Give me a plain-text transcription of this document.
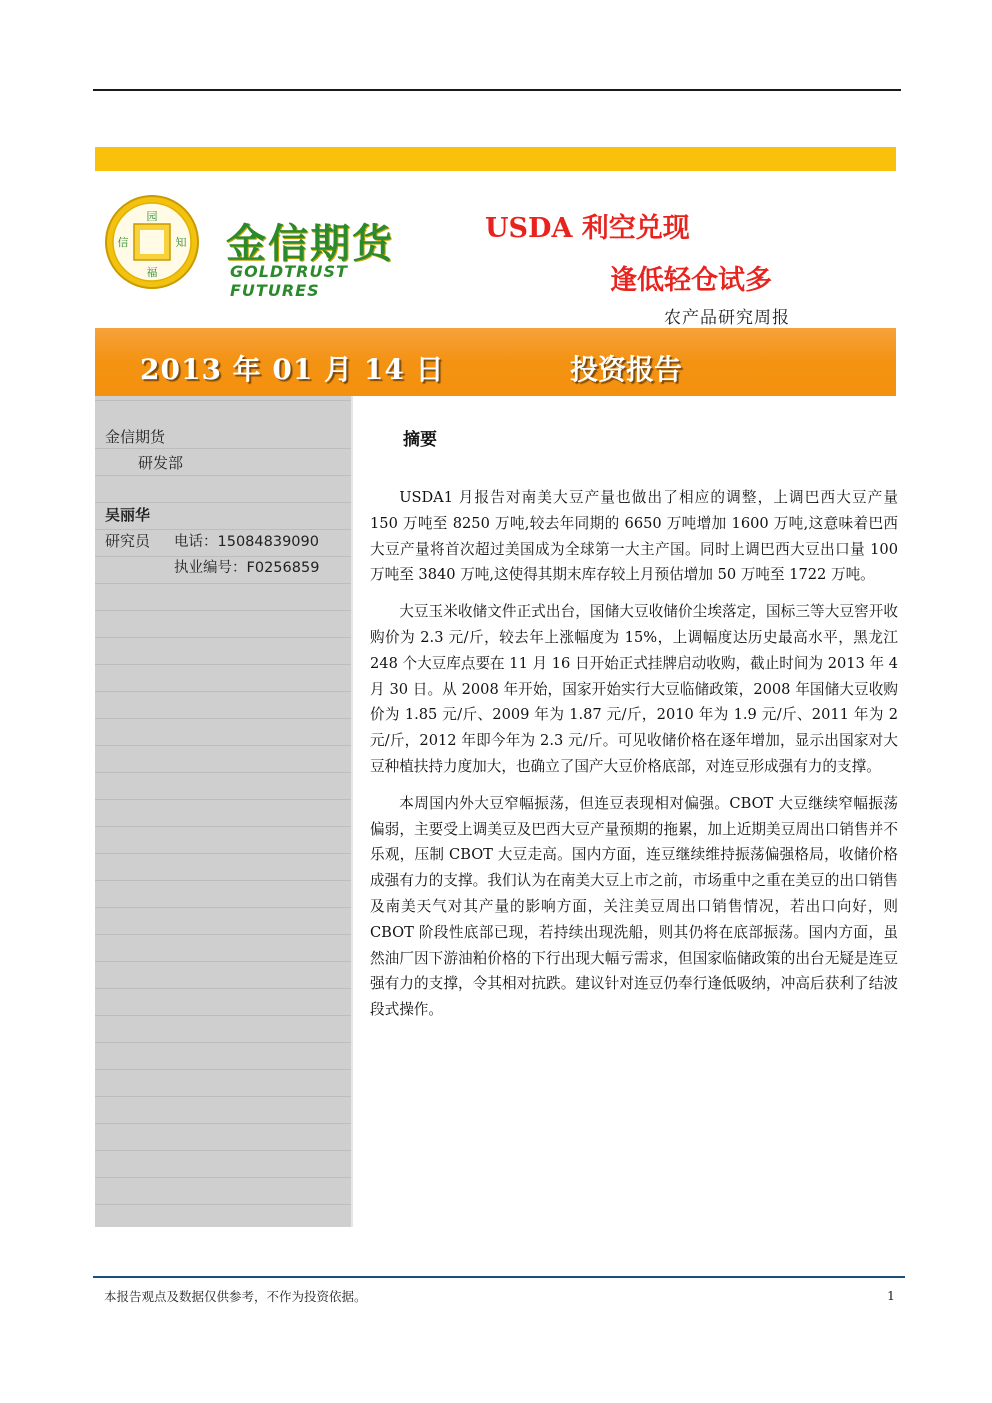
园
知
福
信 金信期货
GOLDTRUST FUTURES
USDA 利空兑现
逢低轻仓试多
农产品研究周报
2013 年 01 月 14 日	投资报告
金信期货
研发部
吴丽华
研究员 电话：15084839090
执业编号：F0256859
摘要

USDA1 月报告对南美大豆产量也做出了相应的调整，上调巴西大豆产量 150 万吨至 8250 万吨,较去年同期的 6650 万吨增加 1600 万吨,这意味着巴西大豆产量将首次超过美国成为全球第一大主产国。同时上调巴西大豆出口量 100 万吨至 3840 万吨,这使得其期末库存较上月预估增加 50 万吨至 1722 万吨。

大豆玉米收储文件正式出台，国储大豆收储价尘埃落定，国标三等大豆窖开收购价为 2.3 元/斤，较去年上涨幅度为 15%，上调幅度达历史最高水平，黑龙江 248 个大豆库点要在 11 月 16 日开始正式挂牌启动收购，截止时间为 2013 年 4 月 30 日。从 2008 年开始，国家开始实行大豆临储政策，2008 年国储大豆收购价为 1.85 元/斤、2009 年为 1.87 元/斤，2010 年为 1.9 元/斤、2011 年为 2 元/斤，2012 年即今年为 2.3 元/斤。可见收储价格在逐年增加，显示出国家对大豆种植扶持力度加大，也确立了国产大豆价格底部，对连豆形成强有力的支撑。

本周国内外大豆窄幅振荡，但连豆表现相对偏强。CBOT 大豆继续窄幅振荡偏弱，主要受上调美豆及巴西大豆产量预期的拖累，加上近期美豆周出口销售并不乐观，压制 CBOT 大豆走高。国内方面，连豆继续维持振荡偏强格局，收储价格成强有力的支撑。我们认为在南美大豆上市之前，市场重中之重在美豆的出口销售及南美天气对其产量的影响方面，关注美豆周出口销售情况，若出口向好，则 CBOT 阶段性底部已现，若持续出现洗船，则其仍将在底部振荡。国内方面，虽然油厂因下游油粕价格的下行出现大幅亏需求，但国家临储政策的出台无疑是连豆强有力的支撑，令其相对抗跌。建议针对连豆仍奉行逢低吸纳，冲高后获利了结波段式操作。

本报告观点及数据仅供参考，不作为投资依据。	1
